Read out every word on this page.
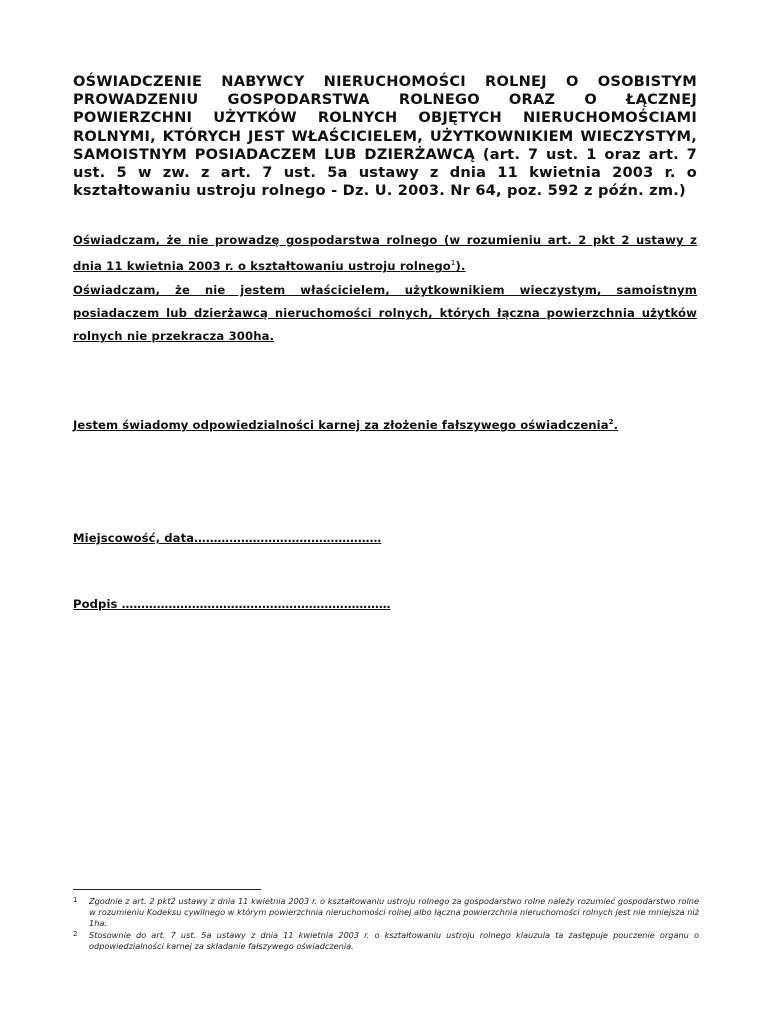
OŚWIADCZENIE NABYWCY NIERUCHOMOŚCI ROLNEJ O OSOBISTYM PROWADZENIU GOSPODARSTWA ROLNEGO ORAZ O ŁĄCZNEJ POWIERZCHNI UŻYTKÓW ROLNYCH OBJĘTYCH NIERUCHOMOŚCIAMI ROLNYMI, KTÓRYCH JEST WŁAŚCICIELEM, UŻYTKOWNIKIEM WIECZYSTYM, SAMOISTNYM POSIADACZEM LUB DZIERŻAWCĄ (art. 7 ust. 1 oraz art. 7 ust. 5 w zw. z art. 7 ust. 5a ustawy z dnia 11 kwietnia 2003 r. o kształtowaniu ustroju rolnego - Dz. U. 2003. Nr 64, poz. 592 z późn. zm.)

Oświadczam, że nie prowadzę gospodarstwa rolnego (w rozumieniu art. 2 pkt 2 ustawy z dnia 11 kwietnia 2003 r. o kształtowaniu ustroju rolnego$^1$).

Oświadczam, że nie jestem właścicielem, użytkownikiem wieczystym, samoistnym posiadaczem lub dzierżawcą nieruchomości rolnych, których łączna powierzchnia użytków rolnych nie przekracza 300ha.

Jestem świadomy odpowiedzialności karnej za złożenie fałszywego oświadczenia$^2$.
Miejscowość, data…………………………………………
Podpis ……………………………………………………………
1	Zgodnie z art. 2 pkt2 ustawy z dnia 11 kwietnia 2003 r. o kształtowaniu ustroju rolnego za gospodarstwo rolne należy rozumieć gospodarstwo rolne w rozumieniu Kodeksu cywilnego w którym powierzchnia nieruchomości rolnej albo łączna powierzchnia nieruchomości rolnych jest nie mniejsza niż 1ha.
2	Stosownie do art. 7 ust. 5a ustawy z dnia 11 kwietnia 2003 r. o kształtowaniu ustroju rolnego klauzula ta zastępuje pouczenie organu o odpowiedzialności karnej za składanie fałszywego oświadczenia.
